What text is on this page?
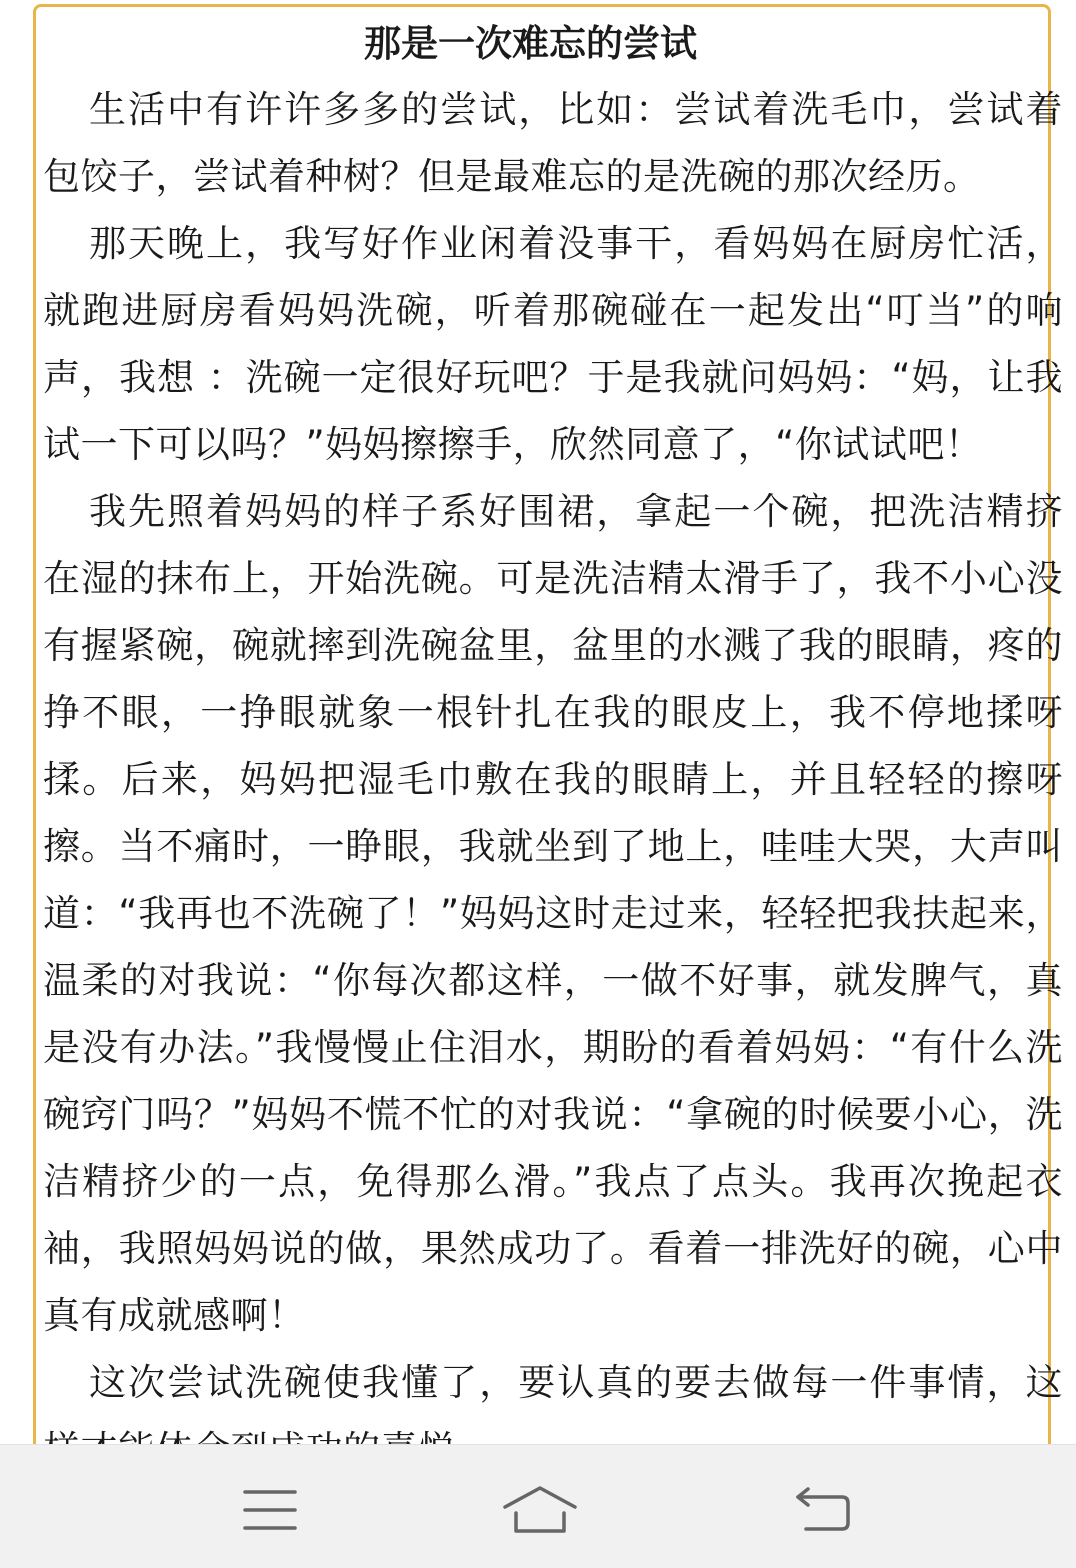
那是一次难忘的尝试

生活中有许许多多的尝试，比如：尝试着洗毛巾，尝试着包饺子，尝试着种树？但是最难忘的是洗碗的那次经历。

那天晚上，我写好作业闲着没事干，看妈妈在厨房忙活，就跑进厨房看妈妈洗碗，听着那碗碰在一起发出“叮当”的响声，我想 ：洗碗一定很好玩吧？于是我就问妈妈：“妈，让我试一下可以吗？”妈妈擦擦手，欣然同意了，“你试试吧！

我先照着妈妈的样子系好围裙，拿起一个碗，把洗洁精挤在湿的抹布上，开始洗碗。可是洗洁精太滑手了，我不小心没有握紧碗，碗就摔到洗碗盆里，盆里的水溅了我的眼睛，疼的挣不眼，一挣眼就象一根针扎在我的眼皮上，我不停地揉呀揉。后来，妈妈把湿毛巾敷在我的眼睛上，并且轻轻的擦呀擦。当不痛时，一睁眼，我就坐到了地上，哇哇大哭，大声叫道：“我再也不洗碗了！”妈妈这时走过来，轻轻把我扶起来，温柔的对我说：“你每次都这样，一做不好事，就发脾气，真是没有办法。”我慢慢止住泪水，期盼的看着妈妈：“有什么洗碗窍门吗？”妈妈不慌不忙的对我说：“拿碗的时候要小心，洗洁精挤少的一点，免得那么滑。”我点了点头。我再次挽起衣袖，我照妈妈说的做，果然成功了。看着一排洗好的碗，心中真有成就感啊！

这次尝试洗碗使我懂了，要认真的要去做每一件事情，这
